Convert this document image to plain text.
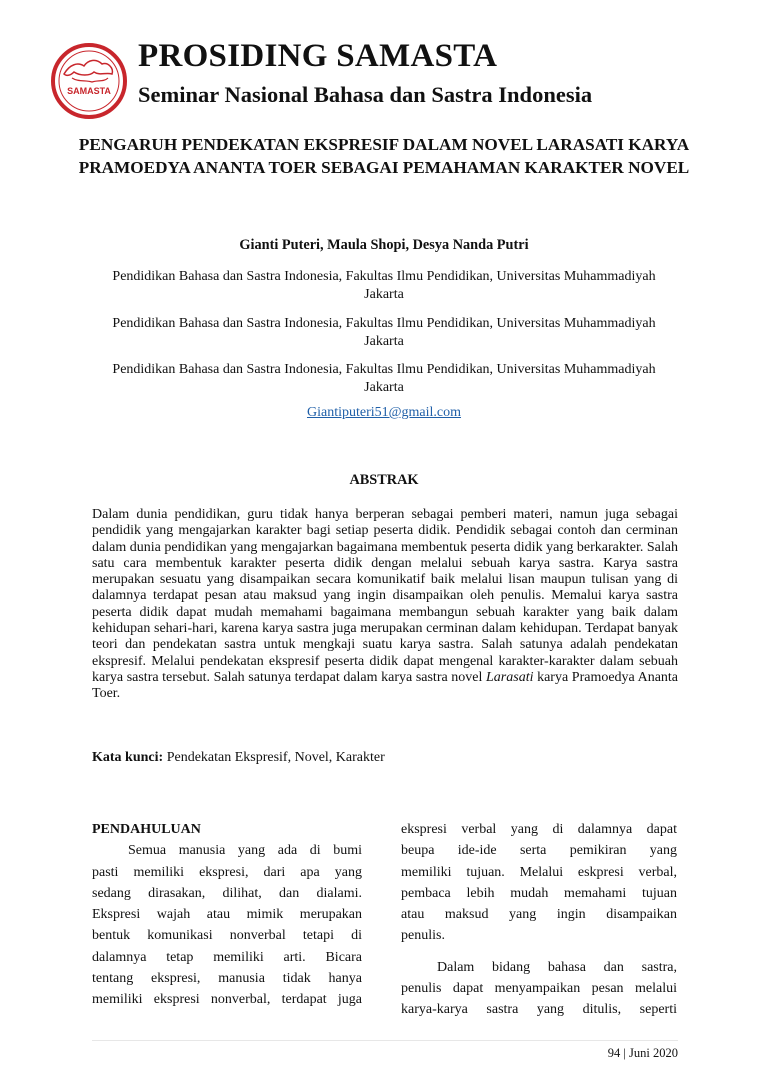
SAMASTA
PROSIDING SAMASTA
Seminar Nasional Bahasa dan Sastra Indonesia
PENGARUH PENDEKATAN EKSPRESIF DALAM NOVEL LARASATI KARYA PRAMOEDYA ANANTA TOER SEBAGAI PEMAHAMAN KARAKTER NOVEL
Gianti Puteri, Maula Shopi, Desya Nanda Putri
Pendidikan Bahasa dan Sastra Indonesia, Fakultas Ilmu Pendidikan, Universitas Muhammadiyah Jakarta
Pendidikan Bahasa dan Sastra Indonesia, Fakultas Ilmu Pendidikan, Universitas Muhammadiyah Jakarta
Pendidikan Bahasa dan Sastra Indonesia, Fakultas Ilmu Pendidikan, Universitas Muhammadiyah Jakarta
Giantiputeri51@gmail.com
ABSTRAK
Dalam dunia pendidikan, guru tidak hanya berperan sebagai pemberi materi, namun juga sebagai pendidik yang mengajarkan karakter bagi setiap peserta didik. Pendidik sebagai contoh dan cerminan dalam dunia pendidikan yang mengajarkan bagaimana membentuk peserta didik yang berkarakter. Salah satu cara membentuk karakter peserta didik dengan melalui sebuah karya sastra. Karya sastra merupakan sesuatu yang disampaikan secara komunikatif baik melalui lisan maupun tulisan yang di dalamnya terdapat pesan atau maksud yang ingin disampaikan oleh penulis. Memalui karya sastra peserta didik dapat mudah memahami bagaimana membangun sebuah karakter yang baik dalam kehidupan sehari-hari, karena karya sastra juga merupakan cerminan dalam kehidupan. Terdapat banyak teori dan pendekatan sastra untuk mengkaji suatu karya sastra. Salah satunya adalah pendekatan ekspresif. Melalui pendekatan ekspresif peserta didik dapat mengenal karakter-karakter dalam sebuah karya sastra tersebut. Salah satunya terdapat dalam karya sastra novel Larasati karya Pramoedya Ananta Toer.
Kata kunci: Pendekatan Ekspresif, Novel, Karakter
PENDAHULUAN
Semua manusia yang ada di bumi
pasti memiliki ekspresi, dari apa yang
sedang dirasakan, dilihat, dan dialami.
Ekspresi wajah atau mimik merupakan
bentuk komunikasi nonverbal tetapi di
dalamnya tetap memiliki arti. Bicara
tentang ekspresi, manusia tidak hanya
memiliki ekspresi nonverbal, terdapat juga
ekspresi verbal yang di dalamnya dapat
beupa ide-ide serta pemikiran yang
memiliki tujuan. Melalui eskpresi verbal,
pembaca lebih mudah memahami tujuan
atau maksud yang ingin disampaikan
penulis.
Dalam bidang bahasa dan sastra,
penulis dapat menyampaikan pesan melalui
karya-karya sastra yang ditulis, seperti
94 | Juni 2020
